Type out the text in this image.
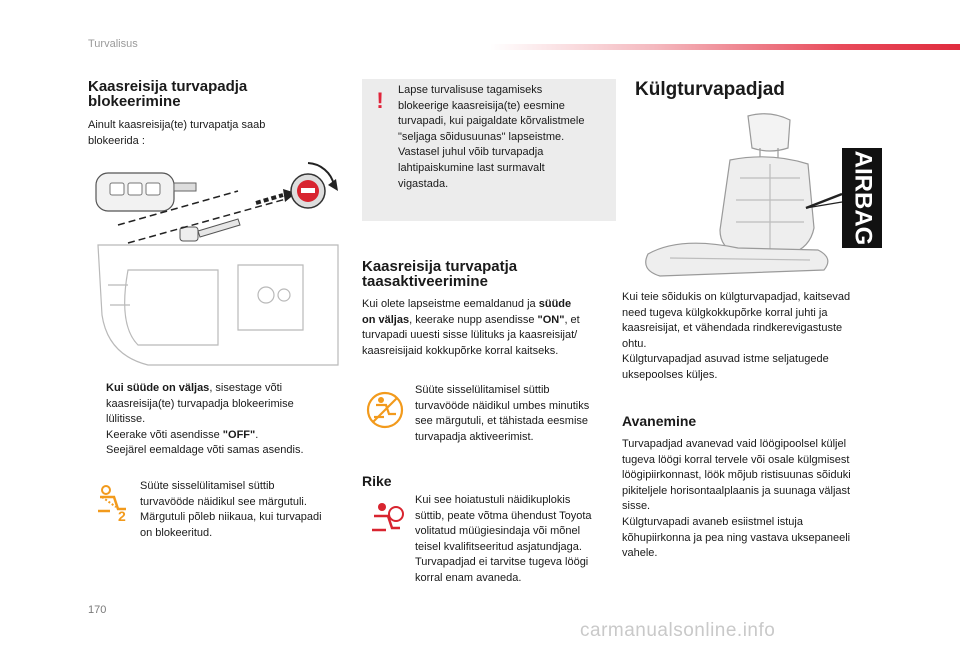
Turvalisus
Kaasreisija turvapadja
blokeerimine
Ainult kaasreisija(te) turvapatja saab
blokeerida :
Kui süüde on väljas, sisestage võti
kaasreisija(te) turvapadja blokeerimise
lülitisse.
Keerake võti asendisse "OFF".
Seejärel eemaldage võti samas asendis.
2
Süüte sisselülitamisel süttib
turvavööde näidikul see märgutuli.
Märgutuli põleb niikaua, kui turvapadi
on blokeeritud.
!	Lapse turvalisuse tagamiseks
blokeerige kaasreisija(te) eesmine
turvapadi, kui paigaldate kõrvalistmele
"seljaga sõidusuunas" lapseistme.
Vastasel juhul võib turvapadja
lahtipaiskumine last surmavalt
vigastada.
Kaasreisija turvapatja
taasaktiveerimine
Kui olete lapseistme eemaldanud ja süüde
on väljas, keerake nupp asendisse "ON", et
turvapadi uuesti sisse lülituks ja kaasreisijat/
kaasreisijaid kokkupõrke korral kaitseks.
Süüte sisselülitamisel süttib
turvavööde näidikul umbes minutiks
see märgutuli, et tähistada eesmise
turvapadja aktiveerimist.
Rike
Kui see hoiatustuli näidikuplokis
süttib, peate võtma ühendust Toyota
volitatud müügiesindaja või mõnel
teisel kvalifitseeritud asjatundjaga.
Turvapadjad ei tarvitse tugeva löögi
korral enam avaneda.
Külgturvapadjad
AIRBAG
Kui teie sõidukis on külgturvapadjad, kaitsevad
need tugeva külgkokkupõrke korral juhti ja
kaasreisijat, et vähendada rindkerevigastuste
ohtu.
Külgturvapadjad asuvad istme seljatugede
uksepoolses küljes.
Avanemine
Turvapadjad avanevad vaid löögipoolsel küljel
tugeva löögi korral tervele või osale külgmisest
löögipiirkonnast, löök mõjub ristisuunas sõiduki
pikiteljele horisontaalplaanis ja suunaga väljast
sisse.
Külgturvapadi avaneb esiistmel istuja
kõhupiirkonna ja pea ning vastava uksepaneeli
vahele.
170
carmanualsonline.info
